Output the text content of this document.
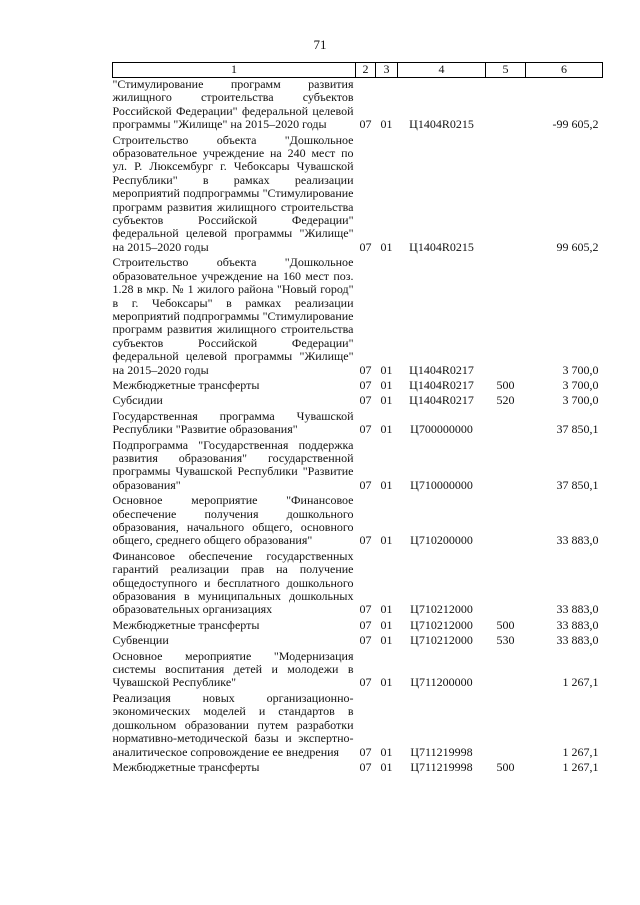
71
1	2	3	4	5	6
"Стимулирование программ развития жилищного строительства субъектов Российской Федерации" федеральной целевой программы "Жилище" на 2015–2020 годы	07	01	Ц1404R0215		-99 605,2
Строительство объекта "Дошкольное образовательное учреждение на 240 мест по ул. Р. Люксембург г. Чебоксары Чувашской Республики" в рамках реализации мероприятий подпрограммы "Стимулирование программ развития жилищного строительства субъектов Российской Федерации" федеральной целевой программы "Жилище" на 2015–2020 годы	07	01	Ц1404R0215		99 605,2
Строительство объекта "Дошкольное образовательное учреждение на 160 мест поз. 1.28 в мкр. № 1 жилого района "Новый город" в г. Чебоксары" в рамках реализации мероприятий подпрограммы "Стимулирование программ развития жилищного строительства субъектов Российской Федерации" федеральной целевой программы "Жилище" на 2015–2020 годы	07	01	Ц1404R0217		3 700,0
Межбюджетные трансферты	07	01	Ц1404R0217	500	3 700,0
Субсидии	07	01	Ц1404R0217	520	3 700,0
Государственная программа Чувашской Республики "Развитие образования"	07	01	Ц700000000		37 850,1
Подпрограмма "Государственная поддержка развития образования" государственной программы Чувашской Республики "Развитие образования"	07	01	Ц710000000		37 850,1
Основное мероприятие "Финансовое обеспечение получения дошкольного образования, начального общего, основного общего, среднего общего образования"	07	01	Ц710200000		33 883,0
Финансовое обеспечение государственных гарантий реализации прав на получение общедоступного и бесплатного дошкольного образования в муниципальных дошкольных образовательных организациях	07	01	Ц710212000		33 883,0
Межбюджетные трансферты	07	01	Ц710212000	500	33 883,0
Субвенции	07	01	Ц710212000	530	33 883,0
Основное мероприятие "Модернизация системы воспитания детей и молодежи в Чувашской Республике"	07	01	Ц711200000		1 267,1
Реализация новых организационно-экономических моделей и стандартов в дошкольном образовании путем разработки нормативно-методической базы и экспертно-аналитическое сопровождение ее внедрения	07	01	Ц711219998		1 267,1
Межбюджетные трансферты	07	01	Ц711219998	500	1 267,1
